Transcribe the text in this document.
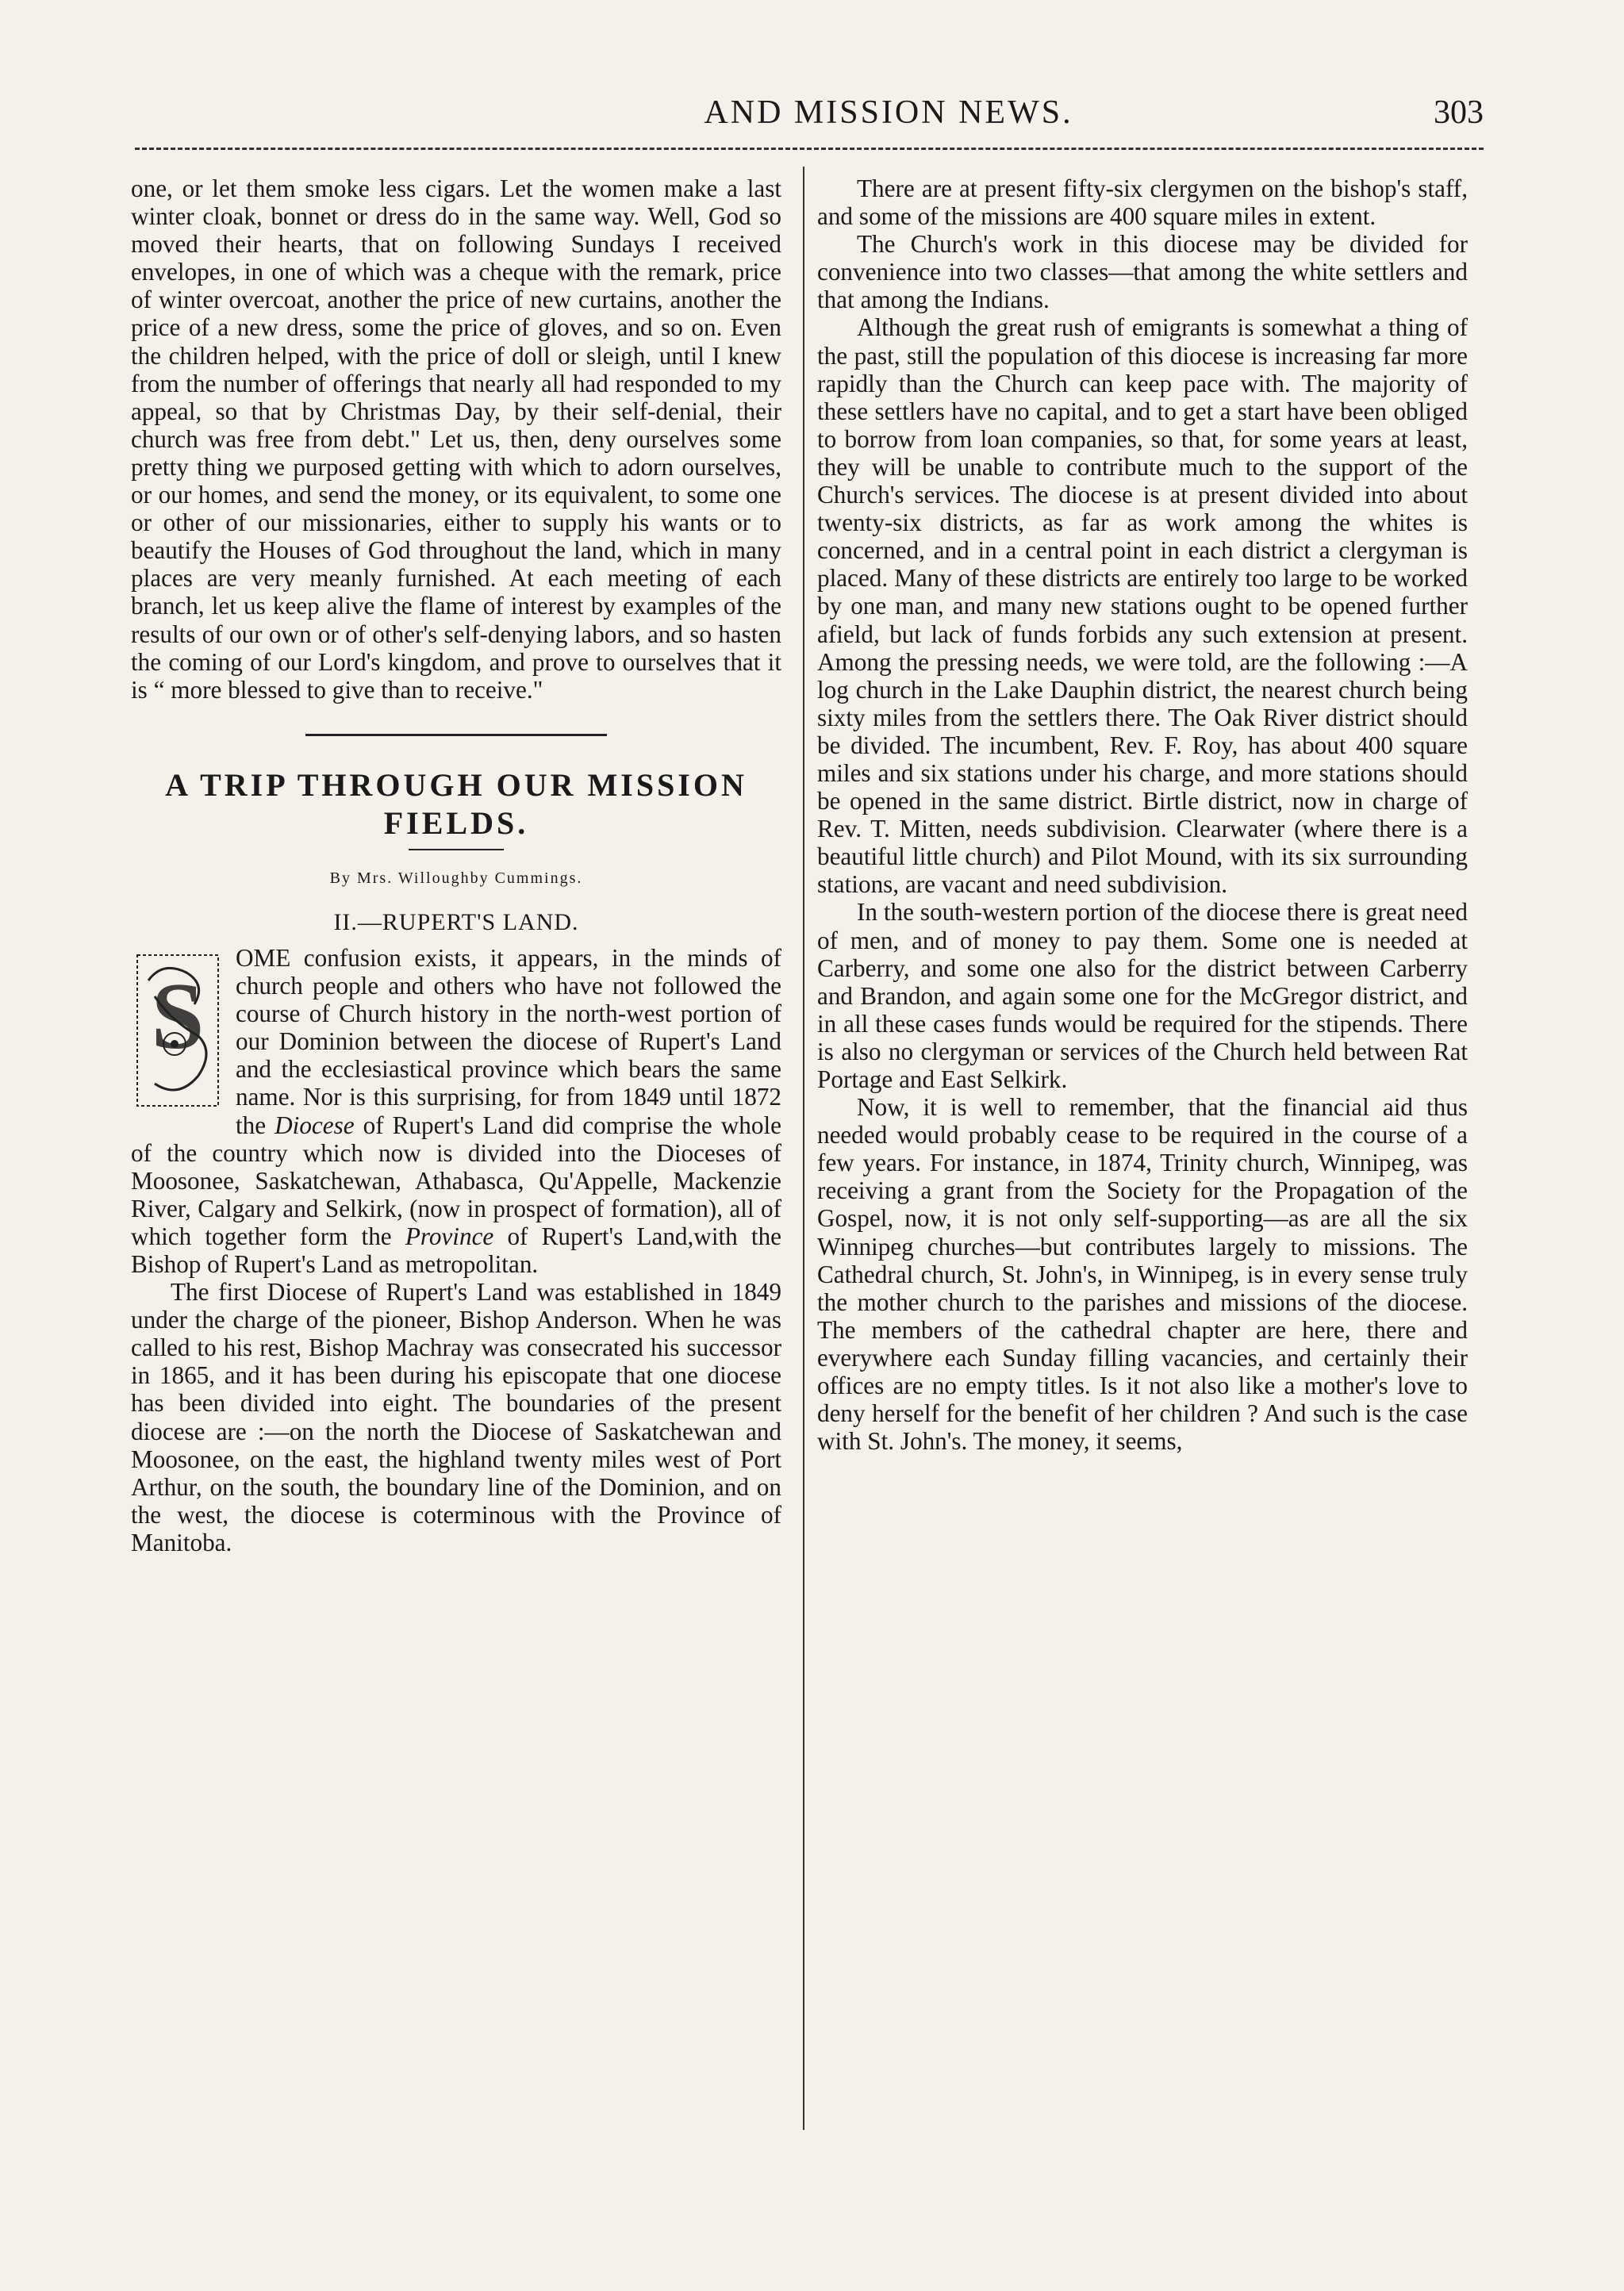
AND MISSION NEWS.	303

one, or let them smoke less cigars. Let the women make a last winter cloak, bonnet or dress do in the same way. Well, God so moved their hearts, that on following Sundays I received envelopes, in one of which was a cheque with the remark, price of winter overcoat, another the price of new curtains, another the price of a new dress, some the price of gloves, and so on. Even the children helped, with the price of doll or sleigh, until I knew from the number of offerings that nearly all had responded to my appeal, so that by Christmas Day, by their self-denial, their church was free from debt." Let us, then, deny ourselves some pretty thing we purposed getting with which to adorn ourselves, or our homes, and send the money, or its equivalent, to some one or other of our missionaries, either to supply his wants or to beautify the Houses of God throughout the land, which in many places are very meanly furnished. At each meeting of each branch, let us keep alive the flame of interest by examples of the results of our own or of other's self-denying labors, and so hasten the coming of our Lord's kingdom, and prove to ourselves that it is “ more blessed to give than to receive."

A TRIP THROUGH OUR MISSION FIELDS.
By Mrs. Willoughby Cummings.
II.—RUPERT'S LAND.

S
OME confusion exists, it appears, in the minds of church people and others who have not followed the course of Church history in the north-west portion of our Dominion between the diocese of Rupert's Land and the ecclesiastical province which bears the same name. Nor is this surprising, for from 1849 until 1872 the Diocese of Rupert's Land did comprise the whole of the country which now is divided into the Dioceses of Moosonee, Saskatchewan, Athabasca, Qu'Appelle, Mackenzie River, Calgary and Selkirk, (now in prospect of formation), all of which together form the Province of Rupert's Land,with the Bishop of Rupert's Land as metropolitan.

The first Diocese of Rupert's Land was established in 1849 under the charge of the pioneer, Bishop Anderson. When he was called to his rest, Bishop Machray was consecrated his successor in 1865, and it has been during his episcopate that one diocese has been divided into eight. The boundaries of the present diocese are :—on the north the Diocese of Saskatchewan and Moosonee, on the east, the highland twenty miles west of Port Arthur, on the south, the boundary line of the Dominion, and on the west, the diocese is coterminous with the Province of Manitoba.

There are at present fifty-six clergymen on the bishop's staff, and some of the missions are 400 square miles in extent.

The Church's work in this diocese may be divided for convenience into two classes—that among the white settlers and that among the Indians.

Although the great rush of emigrants is somewhat a thing of the past, still the population of this diocese is increasing far more rapidly than the Church can keep pace with. The majority of these settlers have no capital, and to get a start have been obliged to borrow from loan companies, so that, for some years at least, they will be unable to contribute much to the support of the Church's services. The diocese is at present divided into about twenty-six districts, as far as work among the whites is concerned, and in a central point in each district a clergyman is placed. Many of these districts are entirely too large to be worked by one man, and many new stations ought to be opened further afield, but lack of funds forbids any such extension at present. Among the pressing needs, we were told, are the following :—A log church in the Lake Dauphin district, the nearest church being sixty miles from the settlers there. The Oak River district should be divided. The incumbent, Rev. F. Roy, has about 400 square miles and six stations under his charge, and more stations should be opened in the same district. Birtle district, now in charge of Rev. T. Mitten, needs subdivision. Clearwater (where there is a beautiful little church) and Pilot Mound, with its six surrounding stations, are vacant and need subdivision.

In the south-western portion of the diocese there is great need of men, and of money to pay them. Some one is needed at Carberry, and some one also for the district between Carberry and Brandon, and again some one for the McGregor district, and in all these cases funds would be required for the stipends. There is also no clergyman or services of the Church held between Rat Portage and East Selkirk.

Now, it is well to remember, that the financial aid thus needed would probably cease to be required in the course of a few years. For instance, in 1874, Trinity church, Winnipeg, was receiving a grant from the Society for the Propagation of the Gospel, now, it is not only self-supporting—as are all the six Winnipeg churches—but contributes largely to missions. The Cathedral church, St. John's, in Winnipeg, is in every sense truly the mother church to the parishes and missions of the diocese. The members of the cathedral chapter are here, there and everywhere each Sunday filling vacancies, and certainly their offices are no empty titles. Is it not also like a mother's love to deny herself for the benefit of her children ? And such is the case with St. John's. The money, it seems,
